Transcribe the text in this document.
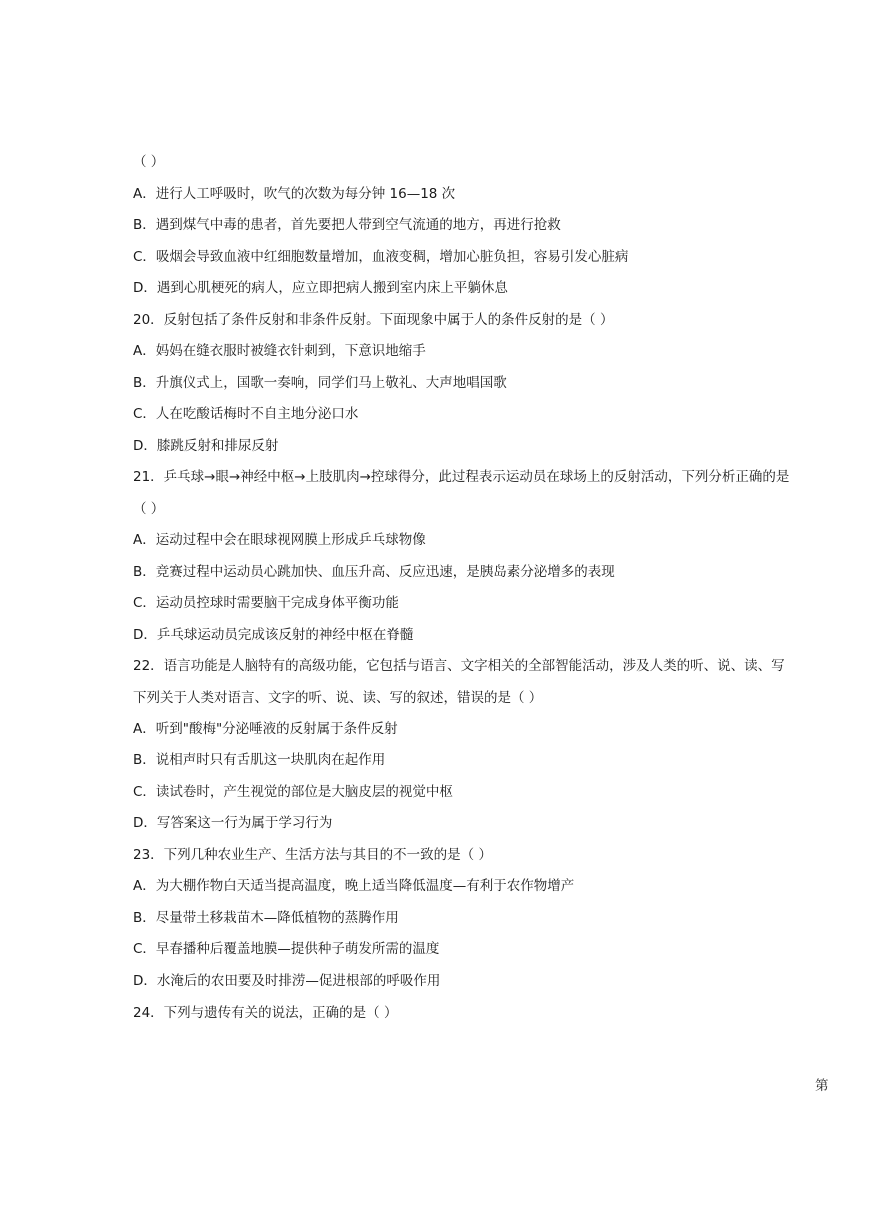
（ ）
A．进行人工呼吸时，吹气的次数为每分钟 16—18 次
B．遇到煤气中毒的患者，首先要把人带到空气流通的地方，再进行抢救
C．吸烟会导致血液中红细胞数量增加，血液变稠，增加心脏负担，容易引发心脏病
D．遇到心肌梗死的病人，应立即把病人搬到室内床上平躺休息
20．反射包括了条件反射和非条件反射。下面现象中属于人的条件反射的是（ ）
A．妈妈在缝衣服时被缝衣针刺到，下意识地缩手
B．升旗仪式上，国歌一奏响，同学们马上敬礼、大声地唱国歌
C．人在吃酸话梅时不自主地分泌口水
D．膝跳反射和排尿反射
21．乒乓球→眼→神经中枢→上肢肌肉→控球得分，此过程表示运动员在球场上的反射活动，下列分析正确的是
（ ）
A．运动过程中会在眼球视网膜上形成乒乓球物像
B．竞赛过程中运动员心跳加快、血压升高、反应迅速，是胰岛素分泌增多的表现
C．运动员控球时需要脑干完成身体平衡功能
D．乒乓球运动员完成该反射的神经中枢在脊髓
22．语言功能是人脑特有的高级功能，它包括与语言、文字相关的全部智能活动，涉及人类的听、说、读、写
下列关于人类对语言、文字的听、说、读、写的叙述，错误的是（ ）
A．听到"酸梅"分泌唾液的反射属于条件反射
B．说相声时只有舌肌这一块肌肉在起作用
C．读试卷时，产生视觉的部位是大脑皮层的视觉中枢
D．写答案这一行为属于学习行为
23．下列几种农业生产、生活方法与其目的不一致的是（ ）
A．为大棚作物白天适当提高温度，晚上适当降低温度—有利于农作物增产
B．尽量带土移栽苗木—降低植物的蒸腾作用
C．早春播种后覆盖地膜—提供种子萌发所需的温度
D．水淹后的农田要及时排涝—促进根部的呼吸作用
24．下列与遗传有关的说法，正确的是（ ）
第
